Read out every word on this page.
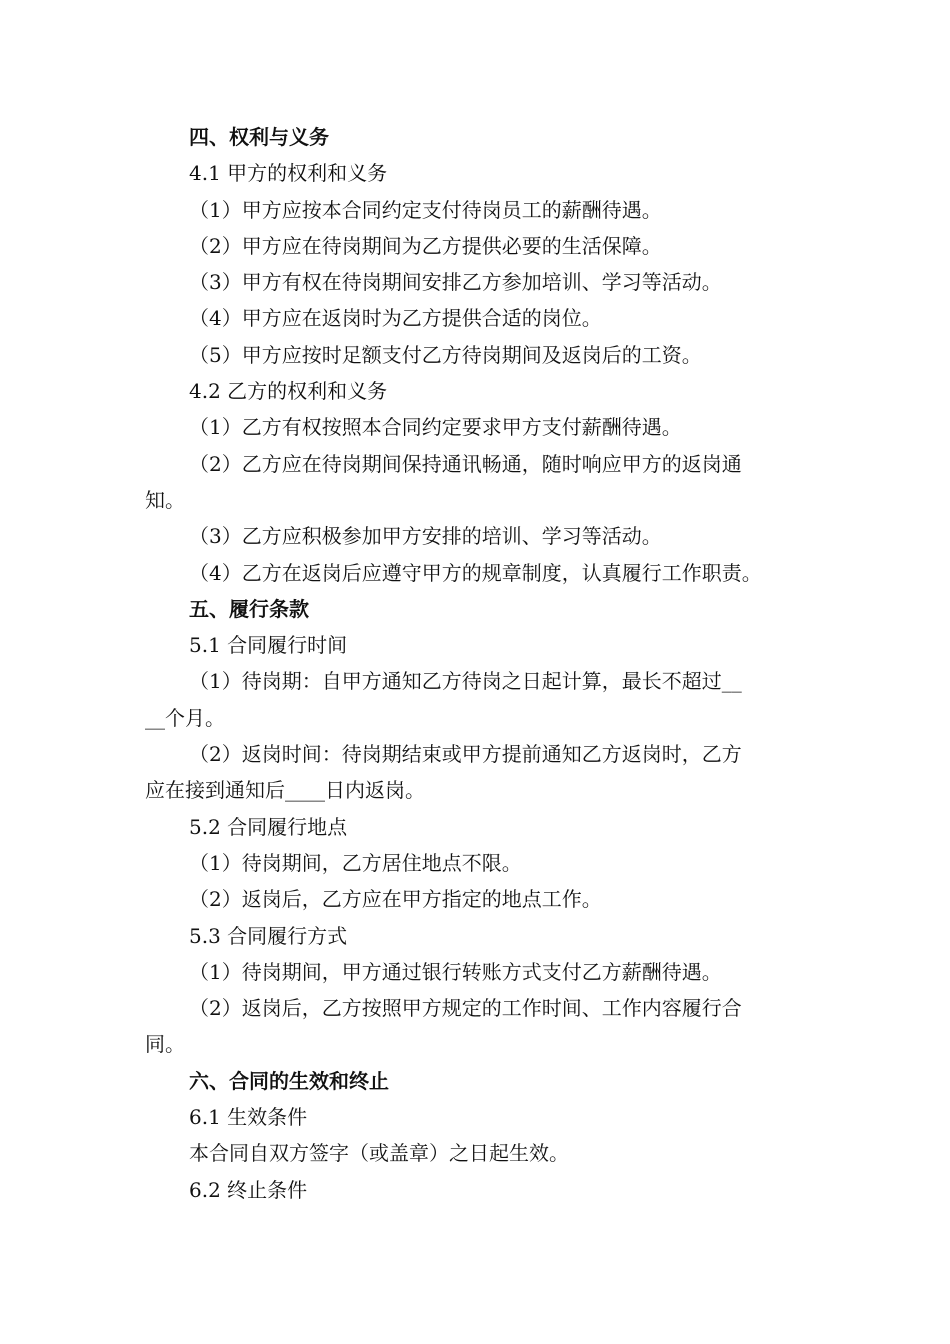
四、权利与义务

4.1 甲方的权利和义务

（1）甲方应按本合同约定支付待岗员工的薪酬待遇。

（2）甲方应在待岗期间为乙方提供必要的生活保障。

（3）甲方有权在待岗期间安排乙方参加培训、学习等活动。

（4）甲方应在返岗时为乙方提供合适的岗位。

（5）甲方应按时足额支付乙方待岗期间及返岗后的工资。

4.2 乙方的权利和义务

（1）乙方有权按照本合同约定要求甲方支付薪酬待遇。

（2）乙方应在待岗期间保持通讯畅通，随时响应甲方的返岗通

知。

（3）乙方应积极参加甲方安排的培训、学习等活动。

（4）乙方在返岗后应遵守甲方的规章制度，认真履行工作职责。

五、履行条款

5.1 合同履行时间

（1）待岗期：自甲方通知乙方待岗之日起计算，最长不超过__

__个月。

（2）返岗时间：待岗期结束或甲方提前通知乙方返岗时，乙方

应在接到通知后____日内返岗。

5.2 合同履行地点

（1）待岗期间，乙方居住地点不限。

（2）返岗后，乙方应在甲方指定的地点工作。

5.3 合同履行方式

（1）待岗期间，甲方通过银行转账方式支付乙方薪酬待遇。

（2）返岗后，乙方按照甲方规定的工作时间、工作内容履行合

同。

六、合同的生效和终止

6.1 生效条件

本合同自双方签字（或盖章）之日起生效。

6.2 终止条件
